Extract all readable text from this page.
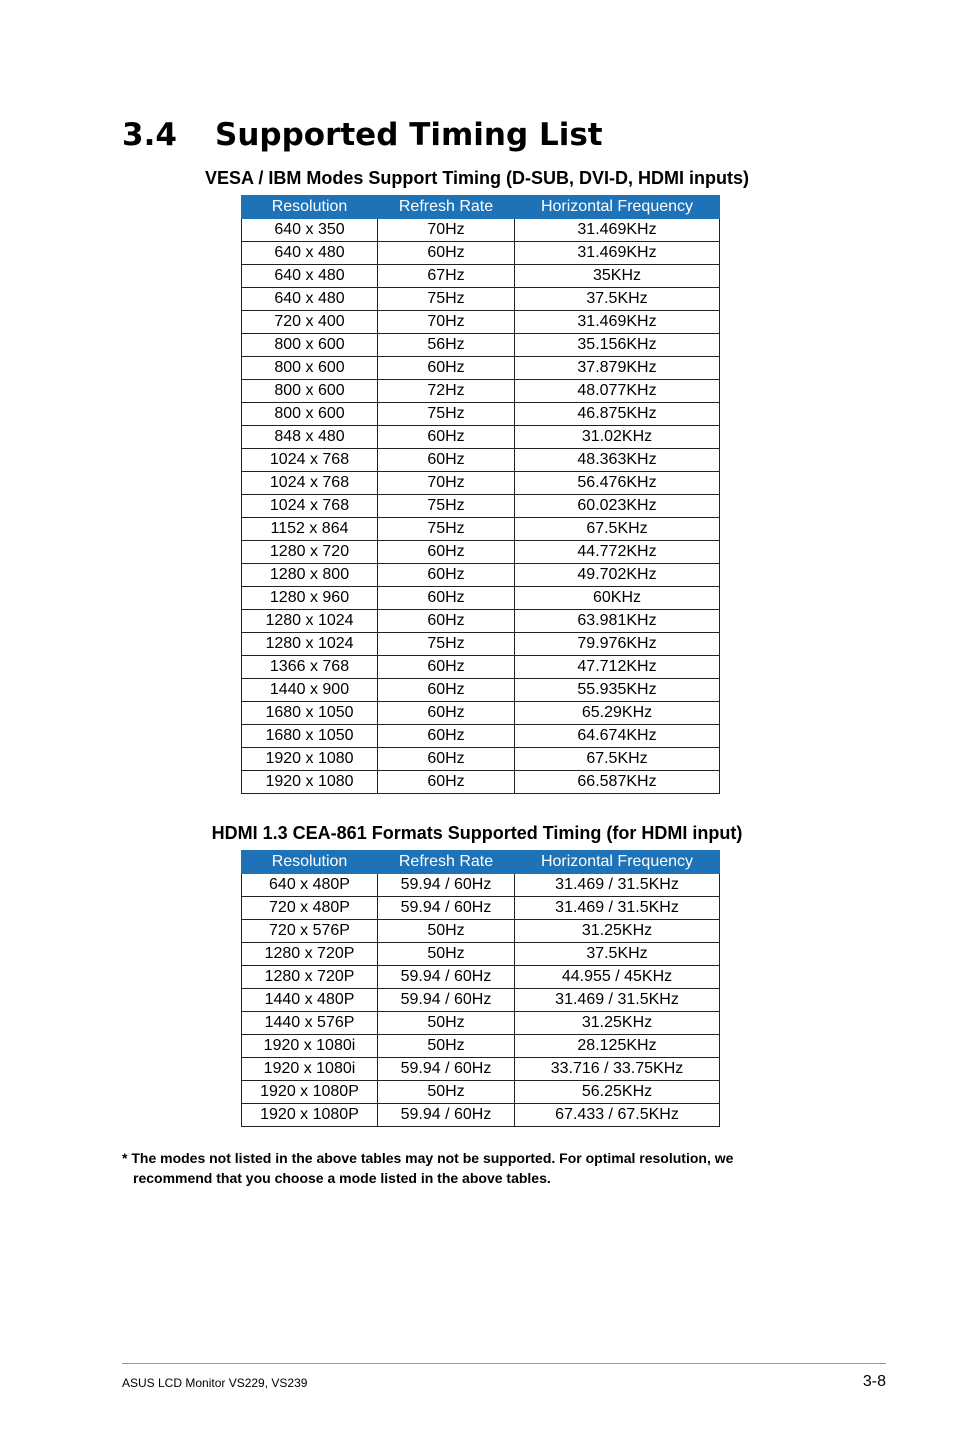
3.4 Supported Timing List
VESA / IBM Modes Support Timing (D-SUB, DVI-D, HDMI inputs)
Resolution	Refresh Rate	Horizontal Frequency
640 x 350	70Hz	31.469KHz
640 x 480	60Hz	31.469KHz
640 x 480	67Hz	35KHz
640 x 480	75Hz	37.5KHz
720 x 400	70Hz	31.469KHz
800 x 600	56Hz	35.156KHz
800 x 600	60Hz	37.879KHz
800 x 600	72Hz	48.077KHz
800 x 600	75Hz	46.875KHz
848 x 480	60Hz	31.02KHz
1024 x 768	60Hz	48.363KHz
1024 x 768	70Hz	56.476KHz
1024 x 768	75Hz	60.023KHz
1152 x 864	75Hz	67.5KHz
1280 x 720	60Hz	44.772KHz
1280 x 800	60Hz	49.702KHz
1280 x 960	60Hz	60KHz
1280 x 1024	60Hz	63.981KHz
1280 x 1024	75Hz	79.976KHz
1366 x 768	60Hz	47.712KHz
1440 x 900	60Hz	55.935KHz
1680 x 1050	60Hz	65.29KHz
1680 x 1050	60Hz	64.674KHz
1920 x 1080	60Hz	67.5KHz
1920 x 1080	60Hz	66.587KHz
HDMI 1.3 CEA-861 Formats Supported Timing (for HDMI input)
Resolution	Refresh Rate	Horizontal Frequency
640 x 480P	59.94 / 60Hz	31.469 / 31.5KHz
720 x 480P	59.94 / 60Hz	31.469 / 31.5KHz
720 x 576P	50Hz	31.25KHz
1280 x 720P	50Hz	37.5KHz
1280 x 720P	59.94 / 60Hz	44.955 / 45KHz
1440 x 480P	59.94 / 60Hz	31.469 / 31.5KHz
1440 x 576P	50Hz	31.25KHz
1920 x 1080i	50Hz	28.125KHz
1920 x 1080i	59.94 / 60Hz	33.716 / 33.75KHz
1920 x 1080P	50Hz	56.25KHz
1920 x 1080P	59.94 / 60Hz	67.433 / 67.5KHz
* The modes not listed in the above tables may not be supported. For optimal resolution, we
recommend that you choose a mode listed in the above tables.
ASUS LCD Monitor VS229, VS239	3-8
